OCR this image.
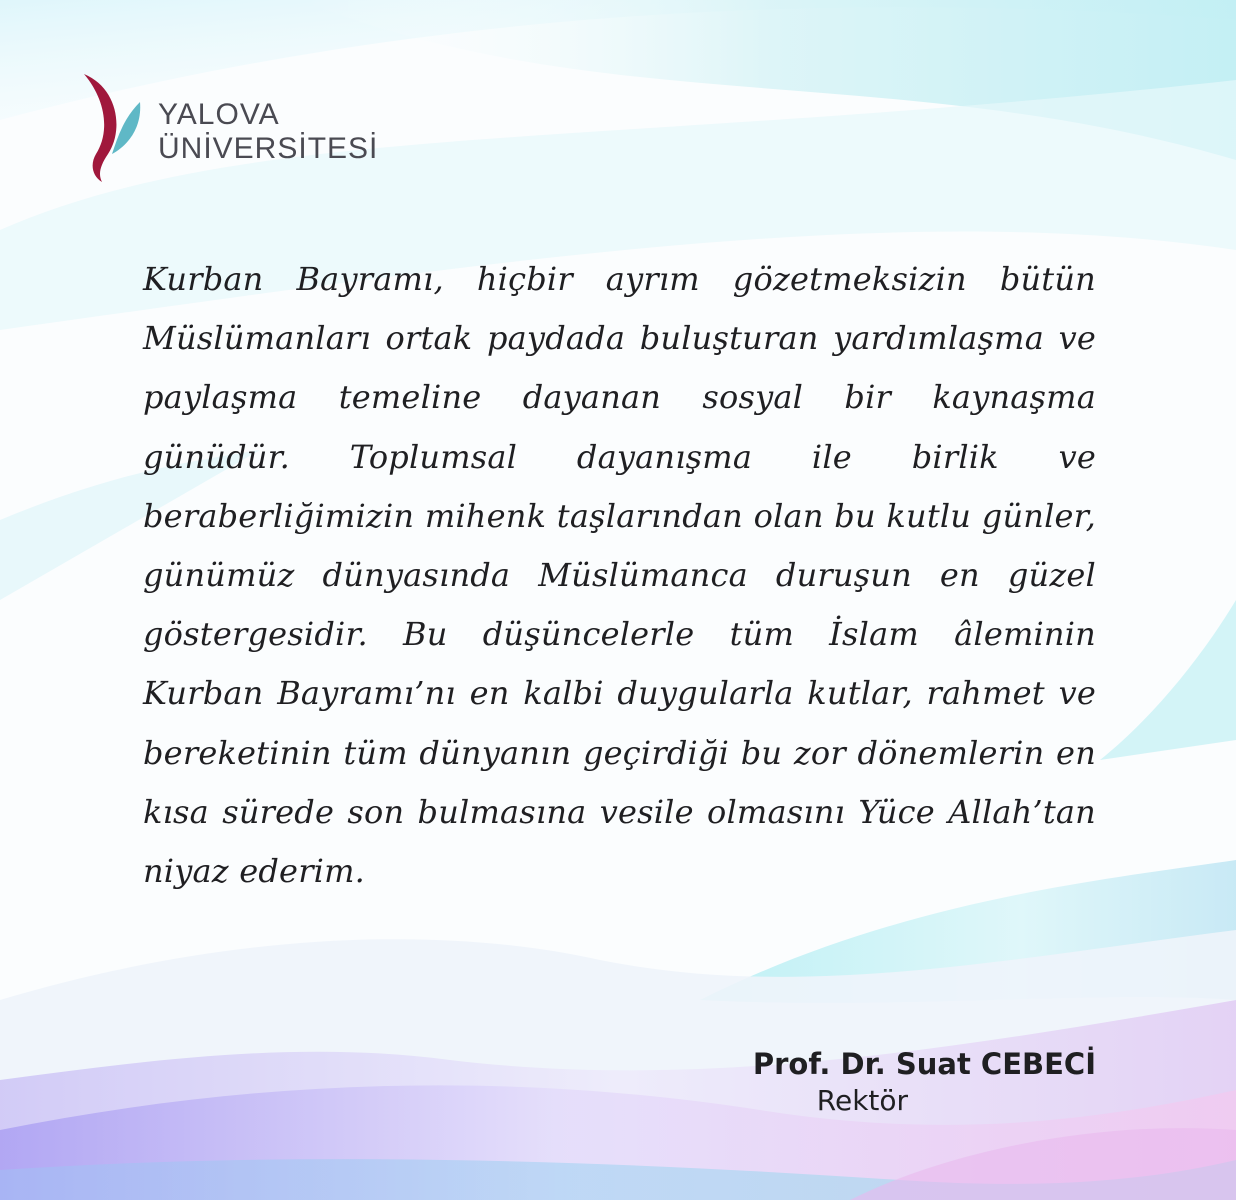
YALOVA
ÜNİVERSİTESİ
Kurban Bayramı, hiçbir ayrım gözetmeksizin bütün Müslümanları ortak paydada buluşturan yardımlaşma ve paylaşma temeline dayanan sosyal bir kaynaşma günüdür. Toplumsal dayanışma ile birlik ve beraberliğimizin mihenk taşlarından olan bu kutlu günler, günümüz dünyasında Müslümanca duruşun en güzel göstergesidir. Bu düşüncelerle tüm İslam âleminin Kurban Bayramı’nı en kalbi duygularla kutlar, rahmet ve bereketinin tüm dünyanın geçirdiği bu zor dönemlerin en kısa sürede son bulmasına vesile olmasını Yüce Allah’tan niyaz ederim.
Prof. Dr. Suat CEBECİ
Rektör
